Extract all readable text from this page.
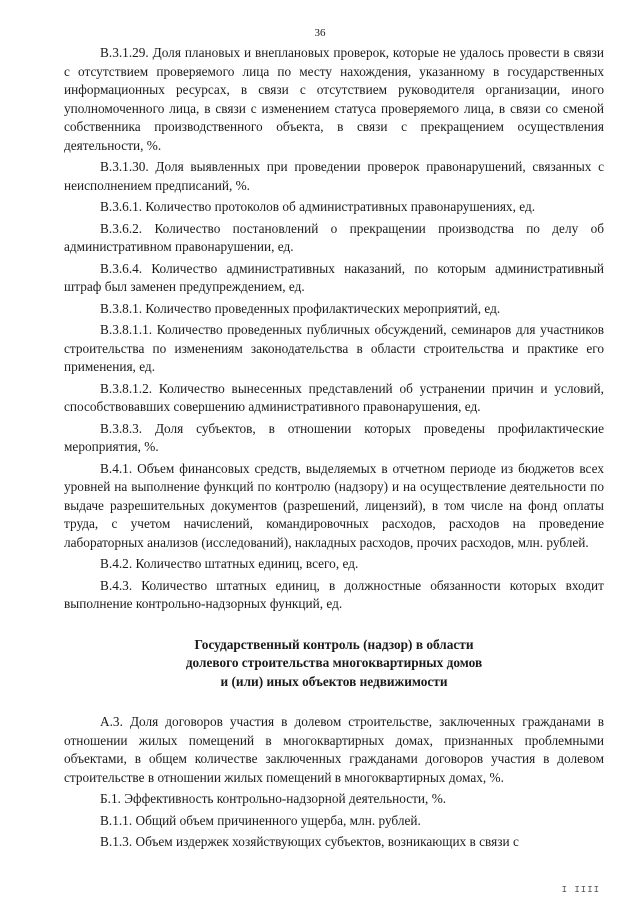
36

В.3.1.29. Доля плановых и внеплановых проверок, которые не удалось провести в связи с отсутствием проверяемого лица по месту нахождения, указанному в государственных информационных ресурсах, в связи с отсутствием руководителя организации, иного уполномоченного лица, в связи с изменением статуса проверяемого лица, в связи со сменой собственника производственного объекта, в связи с прекращением осуществления деятельности, %.

В.3.1.30. Доля выявленных при проведении проверок правонарушений, связанных с неисполнением предписаний, %.

В.3.6.1. Количество протоколов об административных правонарушениях, ед.

В.3.6.2. Количество постановлений о прекращении производства по делу об административном правонарушении, ед.

В.3.6.4. Количество административных наказаний, по которым административный штраф был заменен предупреждением, ед.

В.3.8.1. Количество проведенных профилактических мероприятий, ед.

В.3.8.1.1. Количество проведенных публичных обсуждений, семинаров для участников строительства по изменениям законодательства в области строительства и практике его применения, ед.

В.3.8.1.2. Количество вынесенных представлений об устранении причин и условий, способствовавших совершению административного правонарушения, ед.

В.3.8.3. Доля субъектов, в отношении которых проведены профилактические мероприятия, %.

В.4.1. Объем финансовых средств, выделяемых в отчетном периоде из бюджетов всех уровней на выполнение функций по контролю (надзору) и на осуществление деятельности по выдаче разрешительных документов (разрешений, лицензий), в том числе на фонд оплаты труда, с учетом начислений, командировочных расходов, расходов на проведение лабораторных анализов (исследований), накладных расходов, прочих расходов, млн. рублей.

В.4.2. Количество штатных единиц, всего, ед.

В.4.3. Количество штатных единиц, в должностные обязанности которых входит выполнение контрольно-надзорных функций, ед.

Государственный контроль (надзор) в области
долевого строительства многоквартирных домов
и (или) иных объектов недвижимости

А.3. Доля договоров участия в долевом строительстве, заключенных гражданами в отношении жилых помещений в многоквартирных домах, признанных проблемными объектами, в общем количестве заключенных гражданами договоров участия в долевом строительстве в отношении жилых помещений в многоквартирных домах, %.

Б.1. Эффективность контрольно-надзорной деятельности, %.

В.1.1. Общий объем причиненного ущерба, млн. рублей.

В.1.3. Объем издержек хозяйствующих субъектов, возникающих в связи с

I IIII
